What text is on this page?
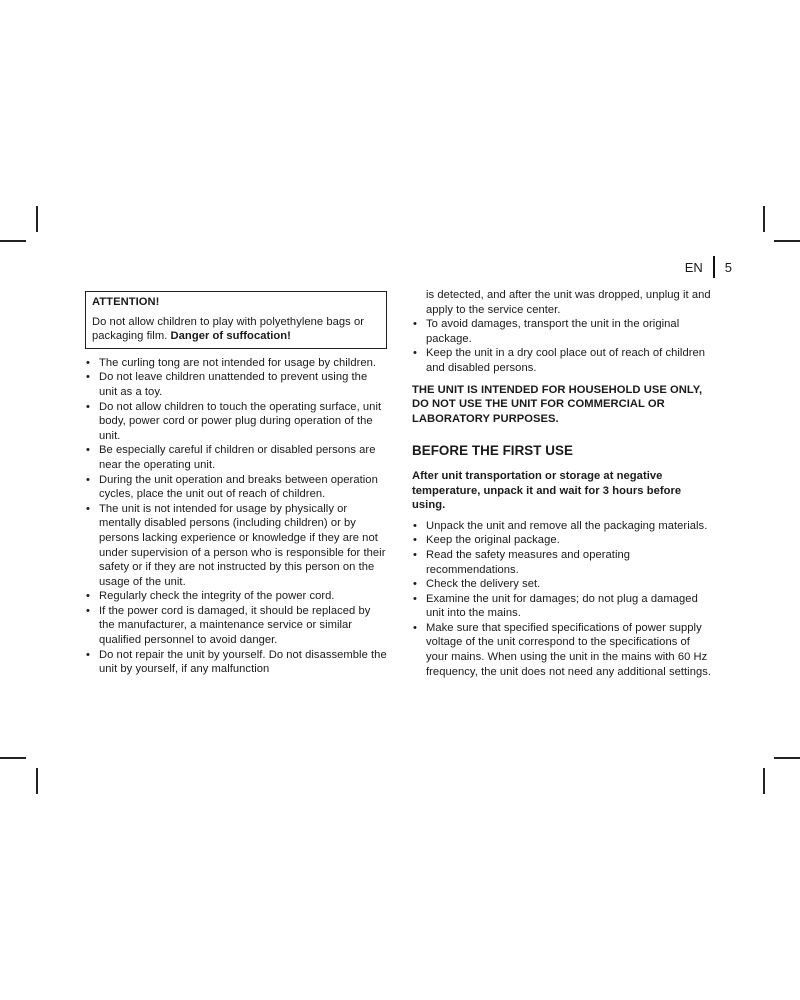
EN 5
ATTENTION!
Do not allow children to play with polyethylene bags or packaging film. Danger of suffocation!
• The curling tong are not intended for usage by children.
• Do not leave children unattended to prevent using the unit as a toy.
• Do not allow children to touch the operating surface, unit body, power cord or power plug during operation of the unit.
• Be especially careful if children or disabled persons are near the operating unit.
• During the unit operation and breaks between operation cycles, place the unit out of reach of children.
• The unit is not intended for usage by physically or mentally disabled persons (including children) or by persons lacking experience or knowledge if they are not under supervision of a person who is responsible for their safety or if they are not instructed by this person on the usage of the unit.
• Regularly check the integrity of the power cord.
• If the power cord is damaged, it should be replaced by the manufacturer, a maintenance service or similar qualified personnel to avoid danger.
• Do not repair the unit by yourself. Do not disassemble the unit by yourself, if any malfunction
is detected, and after the unit was dropped, unplug it and apply to the service center.
• To avoid damages, transport the unit in the original package.
• Keep the unit in a dry cool place out of reach of children and disabled persons.
THE UNIT IS INTENDED FOR HOUSEHOLD USE ONLY, DO NOT USE THE UNIT FOR COMMERCIAL OR LABORATORY PURPOSES.
BEFORE THE FIRST USE
After unit transportation or storage at negative temperature, unpack it and wait for 3 hours before using.
• Unpack the unit and remove all the packaging materials.
• Keep the original package.
• Read the safety measures and operating recommendations.
• Check the delivery set.
• Examine the unit for damages; do not plug a damaged unit into the mains.
• Make sure that specified specifications of power supply voltage of the unit correspond to the specifications of your mains. When using the unit in the mains with 60 Hz frequency, the unit does not need any additional settings.
